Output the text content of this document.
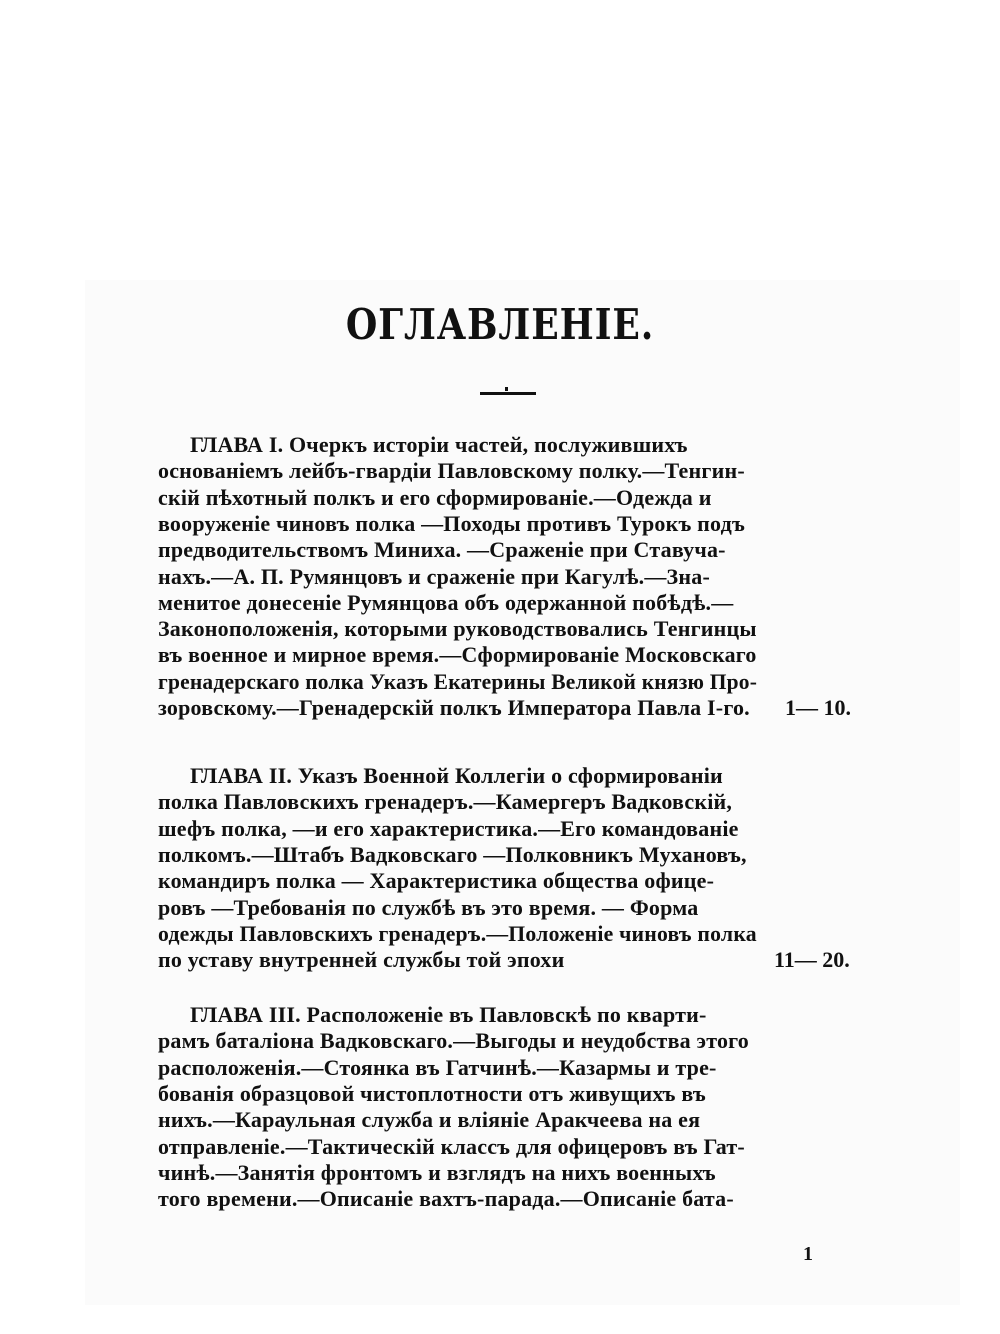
ОГЛАВЛЕНІЕ.
ГЛАВА I. Очеркъ исторіи частей, послужившихъ
основаніемъ лейбъ-гвардіи Павловскому полку.—Тенгин-
скій пѣхотный полкъ и его сформированіе.—Одежда и
вооруженіе чиновъ полка —Походы противъ Турокъ подъ
предводительствомъ Миниха. —Сраженіе при Ставуча-
нахъ.—А. П. Румянцовъ и сраженіе при Кагулѣ.—Зна-
менитое донесеніе Румянцова объ одержанной побѣдѣ.—
Законоположенія, которыми руководствовались Тенгинцы
въ военное и мирное время.—Сформированіе Московскаго
гренадерскаго полка Указъ Екатерины Великой князю Про-
зоровскому.—Гренадерскій полкъ Императора Павла I-го. 1— 10.
ГЛАВА II. Указъ Военной Коллегіи о сформированіи
полка Павловскихъ гренадеръ.—Камергеръ Вадковскій,
шефъ полка, —и его характеристика.—Его командованіе
полкомъ.—Штабъ Вадковскаго —Полковникъ Мухановъ,
командиръ полка — Характеристика общества офице-
ровъ —Требованія по службѣ въ это время. — Форма
одежды Павловскихъ гренадеръ.—Положеніе чиновъ полка
по уставу внутренней службы той эпохи	11— 20.
ГЛАВА III. Расположеніе въ Павловскѣ по кварти-
рамъ баталіона Вадковскаго.—Выгоды и неудобства этого
расположенія.—Стоянка въ Гатчинѣ.—Казармы и тре-
бованія образцовой чистоплотности отъ живущихъ въ
нихъ.—Караульная служба и вліяніе Аракчеева на ея
отправленіе.—Тактическій классъ для офицеровъ въ Гат-
чинѣ.—Занятія фронтомъ и взглядъ на нихъ военныхъ
того времени.—Описаніе вахтъ-парада.—Описаніе бата-
1
